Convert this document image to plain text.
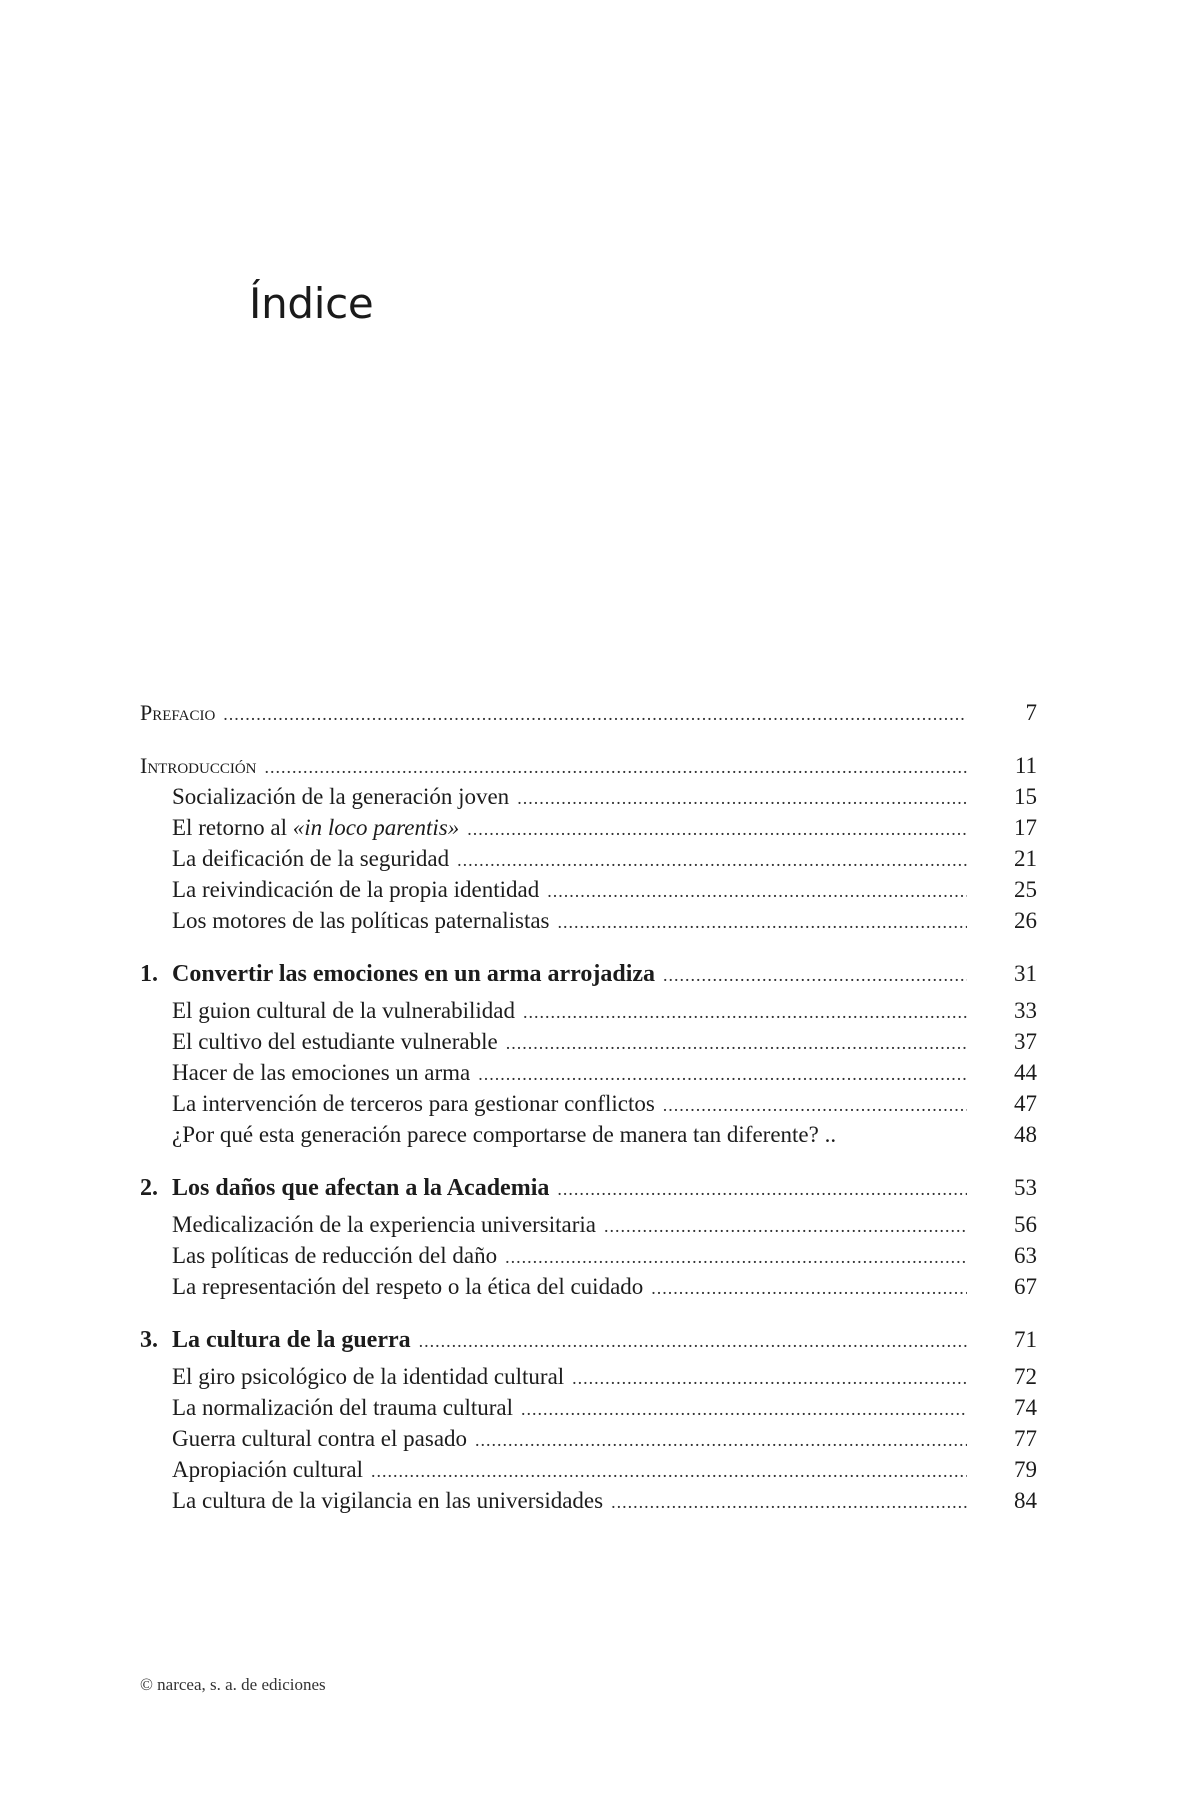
Índice
Prefacio .....	7
Introducción .....	11
Socialización de la generación joven .....	15
El retorno al «in loco parentis» .....	17
La deificación de la seguridad .....	21
La reivindicación de la propia identidad .....	25
Los motores de las políticas paternalistas .....	26
1. Convertir las emociones en un arma arrojadiza .....	31
El guion cultural de la vulnerabilidad .....	33
El cultivo del estudiante vulnerable .....	37
Hacer de las emociones un arma .....	44
La intervención de terceros para gestionar conflictos .....	47
¿Por qué esta generación parece comportarse de manera tan diferente? ..	48
2. Los daños que afectan a la Academia .....	53
Medicalización de la experiencia universitaria .....	56
Las políticas de reducción del daño .....	63
La representación del respeto o la ética del cuidado .....	67
3. La cultura de la guerra .....	71
El giro psicológico de la identidad cultural .....	72
La normalización del trauma cultural .....	74
Guerra cultural contra el pasado .....	77
Apropiación cultural .....	79
La cultura de la vigilancia en las universidades .....	84
© narcea, s. a. de ediciones
